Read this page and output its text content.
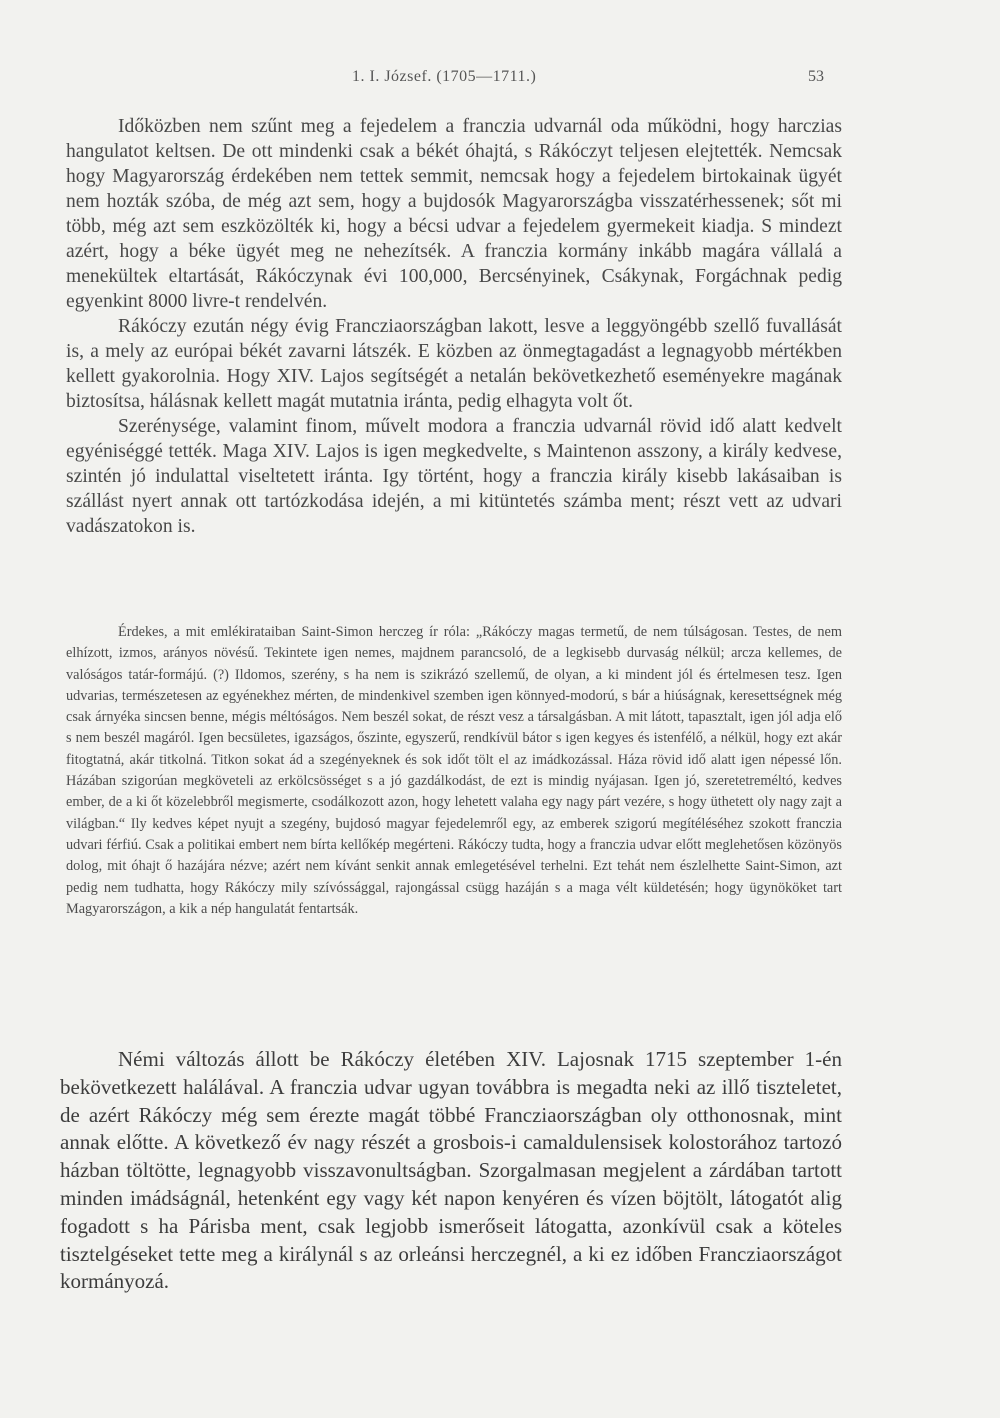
1. I. József. (1705—1711.)	53

Időközben nem szűnt meg a fejedelem a franczia udvarnál oda működni, hogy harczias hangulatot keltsen. De ott mindenki csak a békét óhajtá, s Rákóczyt teljesen elejtették. Nemcsak hogy Magyarország érdekében nem tettek semmit, nemcsak hogy a fejedelem birtokainak ügyét nem hozták szóba, de még azt sem, hogy a bujdosók Magyarországba visszatérhessenek; sőt mi több, még azt sem eszközölték ki, hogy a bécsi udvar a fejedelem gyermekeit kiadja. S mindezt azért, hogy a béke ügyét meg ne nehezítsék. A franczia kormány inkább magára vállalá a menekültek eltartását, Rákóczynak évi 100,000, Bercsényinek, Csákynak, Forgáchnak pedig egyenkint 8000 livre-t rendelvén.

Rákóczy ezután négy évig Francziaországban lakott, lesve a leggyöngébb szellő fuvallását is, a mely az európai békét zavarni látszék. E közben az önmegtagadást a legnagyobb mértékben kellett gyakorolnia. Hogy XIV. Lajos segítségét a netalán bekövetkezhető eseményekre magának biztosítsa, hálásnak kellett magát mutatnia iránta, pedig elhagyta volt őt.

Szerénysége, valamint finom, művelt modora a franczia udvarnál rövid idő alatt kedvelt egyéniséggé tették. Maga XIV. Lajos is igen megkedvelte, s Maintenon asszony, a király kedvese, szintén jó indulattal viseltetett iránta. Igy történt, hogy a franczia király kisebb lakásaiban is szállást nyert annak ott tartózkodása idején, a mi kitüntetés számba ment; részt vett az udvari vadászatokon is.

Érdekes, a mit emlékirataiban Saint-Simon herczeg ír róla: „Rákóczy magas termetű, de nem túlságosan. Testes, de nem elhízott, izmos, arányos növésű. Tekintete igen nemes, majdnem parancsoló, de a legkisebb durvaság nélkül; arcza kellemes, de valóságos tatár-formájú. (?) Ildomos, szerény, s ha nem is szikrázó szellemű, de olyan, a ki mindent jól és értelmesen tesz. Igen udvarias, természetesen az egyénekhez mérten, de mindenkivel szemben igen könnyed-modorú, s bár a hiúságnak, keresettségnek még csak árnyéka sincsen benne, mégis méltóságos. Nem beszél sokat, de részt vesz a társalgásban. A mit látott, tapasztalt, igen jól adja elő s nem beszél magáról. Igen becsületes, igazságos, őszinte, egyszerű, rendkívül bátor s igen kegyes és istenfélő, a nélkül, hogy ezt akár fitogtatná, akár titkolná. Titkon sokat ád a szegényeknek és sok időt tölt el az imádkozással. Háza rövid idő alatt igen népessé lőn. Házában szigorúan megköveteli az erkölcsösséget s a jó gazdálkodást, de ezt is mindig nyájasan. Igen jó, szeretetreméltó, kedves ember, de a ki őt közelebbről megismerte, csodálkozott azon, hogy lehetett valaha egy nagy párt vezére, s hogy üthetett oly nagy zajt a világban.“ Ily kedves képet nyujt a szegény, bujdosó magyar fejedelemről egy, az emberek szigorú megítéléséhez szokott franczia udvari férfiú. Csak a politikai embert nem bírta kellőkép megérteni. Rákóczy tudta, hogy a franczia udvar előtt meglehetősen közönyös dolog, mit óhajt ő hazájára nézve; azért nem kívánt senkit annak emlegetésével terhelni. Ezt tehát nem észlelhette Saint-Simon, azt pedig nem tudhatta, hogy Rákóczy mily szívóssággal, rajongással csügg hazáján s a maga vélt küldetésén; hogy ügynököket tart Magyarországon, a kik a nép hangulatát fentartsák.

Némi változás állott be Rákóczy életében XIV. Lajosnak 1715 szeptember 1-én bekövetkezett halálával. A franczia udvar ugyan továbbra is megadta neki az illő tiszteletet, de azért Rákóczy még sem érezte magát többé Francziaországban oly otthonosnak, mint annak előtte. A következő év nagy részét a grosbois-i camaldulensisek kolostorához tartozó házban töltötte, legnagyobb visszavonultságban. Szorgalmasan megjelent a zárdában tartott minden imádságnál, hetenként egy vagy két napon kenyéren és vízen böjtölt, látogatót alig fogadott s ha Párisba ment, csak legjobb ismerőseit látogatta, azonkívül csak a köteles tisztelgéseket tette meg a királynál s az orleánsi herczegnél, a ki ez időben Francziaországot kormányozá.
